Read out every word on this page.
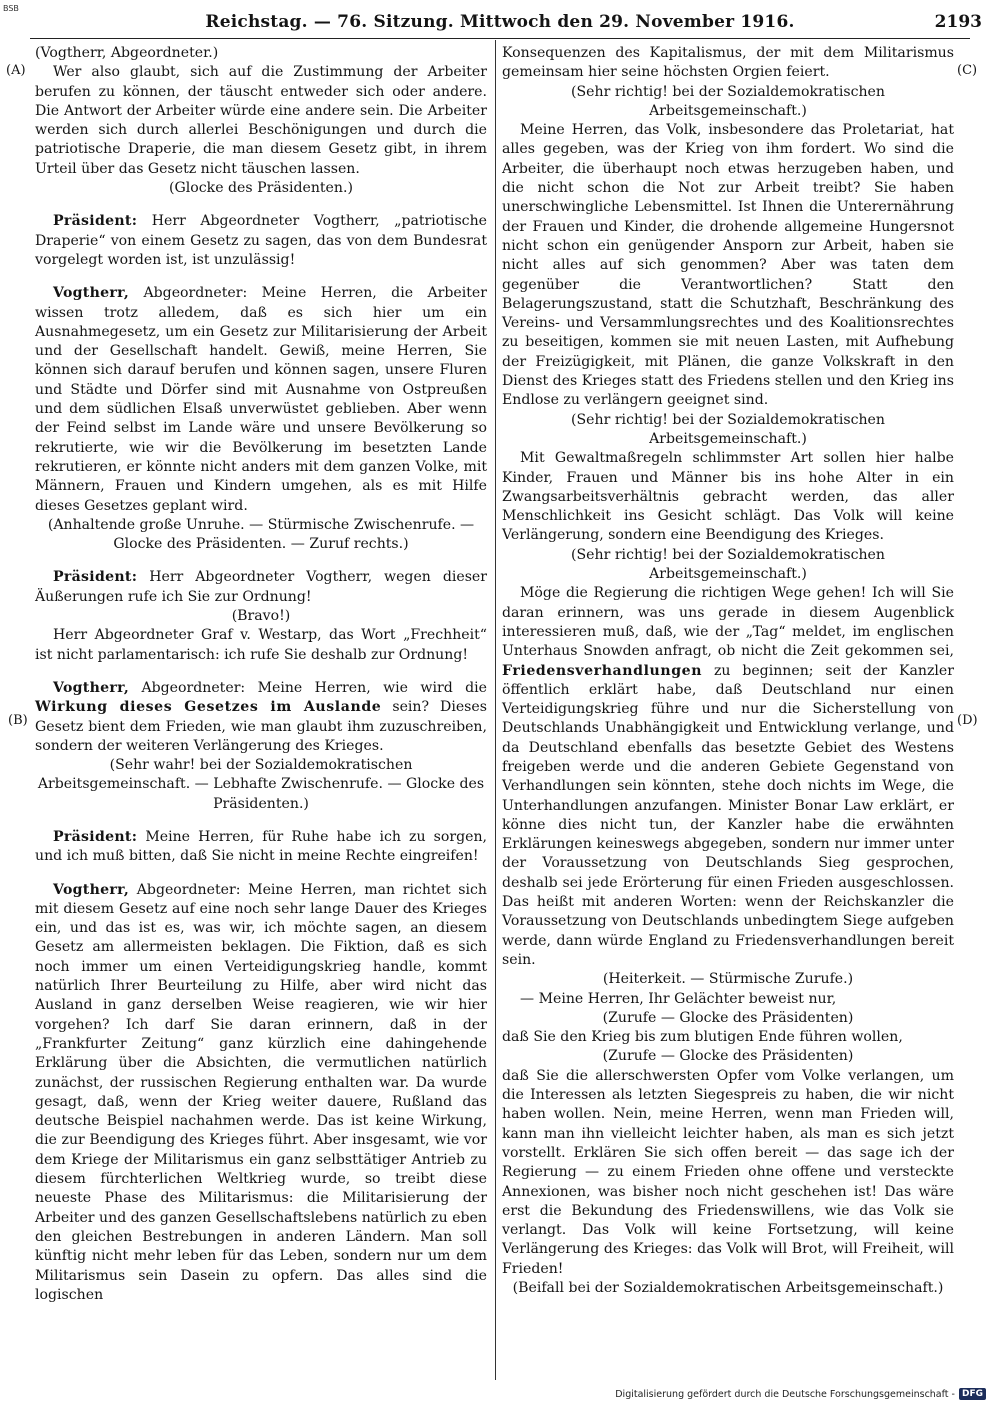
BSB
Reichstag. — 76. Sitzung. Mittwoch den 29. November 1916.	2193
(A)
(B)
(C)
(D)

(Vogtherr, Abgeordneter.)

Wer also glaubt, sich auf die Zustimmung der Arbeiter berufen zu können, der täuscht entweder sich oder andere. Die Antwort der Arbeiter würde eine andere sein. Die Arbeiter werden sich durch allerlei Beschönigungen und durch die patriotische Draperie, die man diesem Gesetz gibt, in ihrem Urteil über das Gesetz nicht täuschen lassen.

(Glocke des Präsidenten.)

Präsident: Herr Abgeordneter Vogtherr, „patriotische Draperie“ von einem Gesetz zu sagen, das von dem Bundesrat vorgelegt worden ist, ist unzulässig!

Vogtherr, Abgeordneter: Meine Herren, die Arbeiter wissen trotz alledem, daß es sich hier um ein Ausnahmegesetz, um ein Gesetz zur Militarisierung der Arbeit und der Gesellschaft handelt. Gewiß, meine Herren, Sie können sich darauf berufen und können sagen, unsere Fluren und Städte und Dörfer sind mit Ausnahme von Ostpreußen und dem südlichen Elsaß unverwüstet geblieben. Aber wenn der Feind selbst im Lande wäre und unsere Bevölkerung so rekrutierte, wie wir die Bevölkerung im besetzten Lande rekrutieren, er könnte nicht anders mit dem ganzen Volke, mit Männern, Frauen und Kindern umgehen, als es mit Hilfe dieses Gesetzes geplant wird.

(Anhaltende große Unruhe. — Stürmische Zwischenrufe. — Glocke des Präsidenten. — Zuruf rechts.)

Präsident: Herr Abgeordneter Vogtherr, wegen dieser Äußerungen rufe ich Sie zur Ordnung!

(Bravo!)

Herr Abgeordneter Graf v. Westarp, das Wort „Frechheit“ ist nicht parlamentarisch: ich rufe Sie deshalb zur Ordnung!

Vogtherr, Abgeordneter: Meine Herren, wie wird die Wirkung dieses Gesetzes im Auslande sein? Dieses Gesetz bient dem Frieden, wie man glaubt ihm zuzuschreiben, sondern der weiteren Verlängerung des Krieges.

(Sehr wahr! bei der Sozialdemokratischen Arbeitsgemeinschaft. — Lebhafte Zwischenrufe. — Glocke des Präsidenten.)

Präsident: Meine Herren, für Ruhe habe ich zu sorgen, und ich muß bitten, daß Sie nicht in meine Rechte eingreifen!

Vogtherr, Abgeordneter: Meine Herren, man richtet sich mit diesem Gesetz auf eine noch sehr lange Dauer des Krieges ein, und das ist es, was wir, ich möchte sagen, an diesem Gesetz am allermeisten beklagen. Die Fiktion, daß es sich noch immer um einen Verteidigungskrieg handle, kommt natürlich Ihrer Beurteilung zu Hilfe, aber wird nicht das Ausland in ganz derselben Weise reagieren, wie wir hier vorgehen? Ich darf Sie daran erinnern, daß in der „Frankfurter Zeitung“ ganz kürzlich eine dahingehende Erklärung über die Absichten, die vermutlichen natürlich zunächst, der russischen Regierung enthalten war. Da wurde gesagt, daß, wenn der Krieg weiter dauere, Rußland das deutsche Beispiel nachahmen werde. Das ist keine Wirkung, die zur Beendigung des Krieges führt. Aber insgesamt, wie vor dem Kriege der Militarismus ein ganz selbsttätiger Antrieb zu diesem fürchterlichen Weltkrieg wurde, so treibt diese neueste Phase des Militarismus: die Militarisierung der Arbeiter und des ganzen Gesellschaftslebens natürlich zu eben den gleichen Bestrebungen in anderen Ländern. Man soll künftig nicht mehr leben für das Leben, sondern nur um dem Militarismus sein Dasein zu opfern. Das alles sind die logischen

Konsequenzen des Kapitalismus, der mit dem Militarismus gemeinsam hier seine höchsten Orgien feiert.

(Sehr richtig! bei der Sozialdemokratischen Arbeitsgemeinschaft.)

Meine Herren, das Volk, insbesondere das Proletariat, hat alles gegeben, was der Krieg von ihm fordert. Wo sind die Arbeiter, die überhaupt noch etwas herzugeben haben, und die nicht schon die Not zur Arbeit treibt? Sie haben unerschwingliche Lebensmittel. Ist Ihnen die Unterernährung der Frauen und Kinder, die drohende allgemeine Hungersnot nicht schon ein genügender Ansporn zur Arbeit, haben sie nicht alles auf sich genommen? Aber was taten dem gegenüber die Verantwortlichen? Statt den Belagerungszustand, statt die Schutzhaft, Beschränkung des Vereins- und Versammlungsrechtes und des Koalitionsrechtes zu beseitigen, kommen sie mit neuen Lasten, mit Aufhebung der Freizügigkeit, mit Plänen, die ganze Volkskraft in den Dienst des Krieges statt des Friedens stellen und den Krieg ins Endlose zu verlängern geeignet sind.

(Sehr richtig! bei der Sozialdemokratischen Arbeitsgemeinschaft.)

Mit Gewaltmaßregeln schlimmster Art sollen hier halbe Kinder, Frauen und Männer bis ins hohe Alter in ein Zwangsarbeitsverhältnis gebracht werden, das aller Menschlichkeit ins Gesicht schlägt. Das Volk will keine Verlängerung, sondern eine Beendigung des Krieges.

(Sehr richtig! bei der Sozialdemokratischen Arbeitsgemeinschaft.)

Möge die Regierung die richtigen Wege gehen! Ich will Sie daran erinnern, was uns gerade in diesem Augenblick interessieren muß, daß, wie der „Tag“ meldet, im englischen Unterhaus Snowden anfragt, ob nicht die Zeit gekommen sei, Friedensverhandlungen zu beginnen; seit der Kanzler öffentlich erklärt habe, daß Deutschland nur einen Verteidigungskrieg führe und nur die Sicherstellung von Deutschlands Unabhängigkeit und Entwicklung verlange, und da Deutschland ebenfalls das besetzte Gebiet des Westens freigeben werde und die anderen Gebiete Gegenstand von Verhandlungen sein könnten, stehe doch nichts im Wege, die Unterhandlungen anzufangen. Minister Bonar Law erklärt, er könne dies nicht tun, der Kanzler habe die erwähnten Erklärungen keineswegs abgegeben, sondern nur immer unter der Voraussetzung von Deutschlands Sieg gesprochen, deshalb sei jede Erörterung für einen Frieden ausgeschlossen. Das heißt mit anderen Worten: wenn der Reichskanzler die Voraussetzung von Deutschlands unbedingtem Siege aufgeben werde, dann würde England zu Friedensverhandlungen bereit sein.

(Heiterkeit. — Stürmische Zurufe.)

— Meine Herren, Ihr Gelächter beweist nur,

(Zurufe — Glocke des Präsidenten)

daß Sie den Krieg bis zum blutigen Ende führen wollen,

(Zurufe — Glocke des Präsidenten)

daß Sie die allerschwersten Opfer vom Volke verlangen, um die Interessen als letzten Siegespreis zu haben, die wir nicht haben wollen. Nein, meine Herren, wenn man Frieden will, kann man ihn vielleicht leichter haben, als man es sich jetzt vorstellt. Erklären Sie sich offen bereit — das sage ich der Regierung — zu einem Frieden ohne offene und versteckte Annexionen, was bisher noch nicht geschehen ist! Das wäre erst die Bekundung des Friedenswillens, wie das Volk sie verlangt. Das Volk will keine Fortsetzung, will keine Verlängerung des Krieges: das Volk will Brot, will Freiheit, will Frieden!

(Beifall bei der Sozialdemokratischen Arbeitsgemeinschaft.)

Digitalisierung gefördert durch die Deutsche Forschungsgemeinschaft - DFG
